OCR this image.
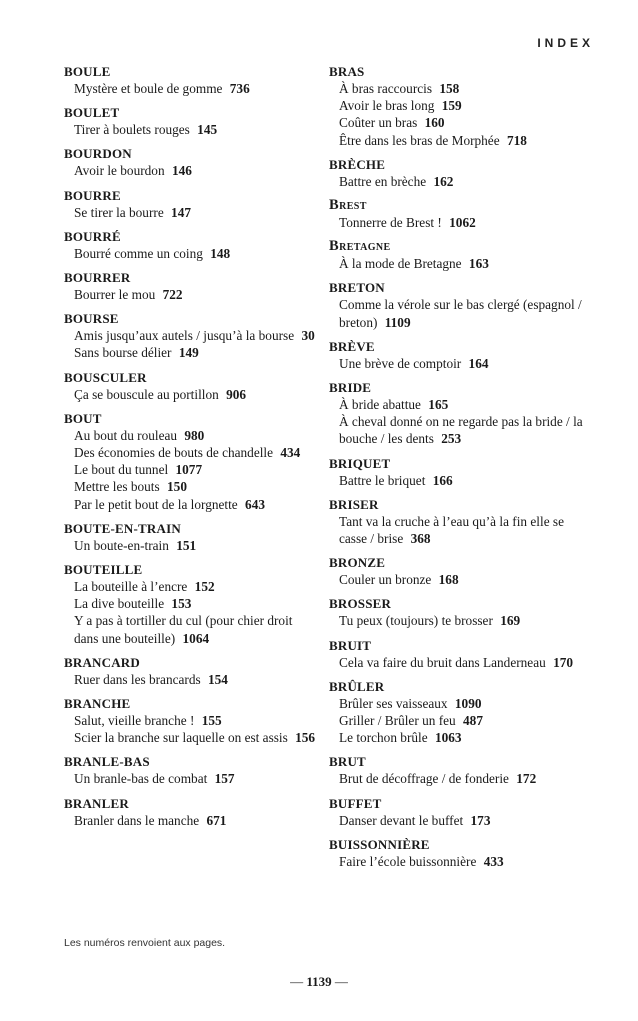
INDEX
BOULE
Mystère et boule de gomme 736
BOULET
Tirer à boulets rouges 145
BOURDON
Avoir le bourdon 146
BOURRE
Se tirer la bourre 147
BOURRÉ
Bourré comme un coing 148
BOURRER
Bourrer le mou 722
BOURSE
Amis jusqu’aux autels / jusqu’à la bourse 30
Sans bourse délier 149
BOUSCULER
Ça se bouscule au portillon 906
BOUT
Au bout du rouleau 980
Des économies de bouts de chandelle 434
Le bout du tunnel 1077
Mettre les bouts 150
Par le petit bout de la lorgnette 643
BOUTE-EN-TRAIN
Un boute-en-train 151
BOUTEILLE
La bouteille à l’encre 152
La dive bouteille 153
Y a pas à tortiller du cul (pour chier droit dans une bouteille) 1064
BRANCARD
Ruer dans les brancards 154
BRANCHE
Salut, vieille branche ! 155
Scier la branche sur laquelle on est assis 156
BRANLE-BAS
Un branle-bas de combat 157
BRANLER
Branler dans le manche 671
BRAS
À bras raccourcis 158
Avoir le bras long 159
Coûter un bras 160
Être dans les bras de Morphée 718
BRÈCHE
Battre en brèche 162
Brest
Tonnerre de Brest ! 1062
Bretagne
À la mode de Bretagne 163
BRETON
Comme la vérole sur le bas clergé (espagnol / breton) 1109
BRÈVE
Une brève de comptoir 164
BRIDE
À bride abattue 165
À cheval donné on ne regarde pas la bride / la bouche / les dents 253
BRIQUET
Battre le briquet 166
BRISER
Tant va la cruche à l’eau qu’à la fin elle se casse / brise 368
BRONZE
Couler un bronze 168
BROSSER
Tu peux (toujours) te brosser 169
BRUIT
Cela va faire du bruit dans Landerneau 170
BRÛLER
Brûler ses vaisseaux 1090
Griller / Brûler un feu 487
Le torchon brûle 1063
BRUT
Brut de décoffrage / de fonderie 172
BUFFET
Danser devant le buffet 173
BUISSONNIÈRE
Faire l’école buissonnière 433
Les numéros renvoient aux pages.
— 1139 —
